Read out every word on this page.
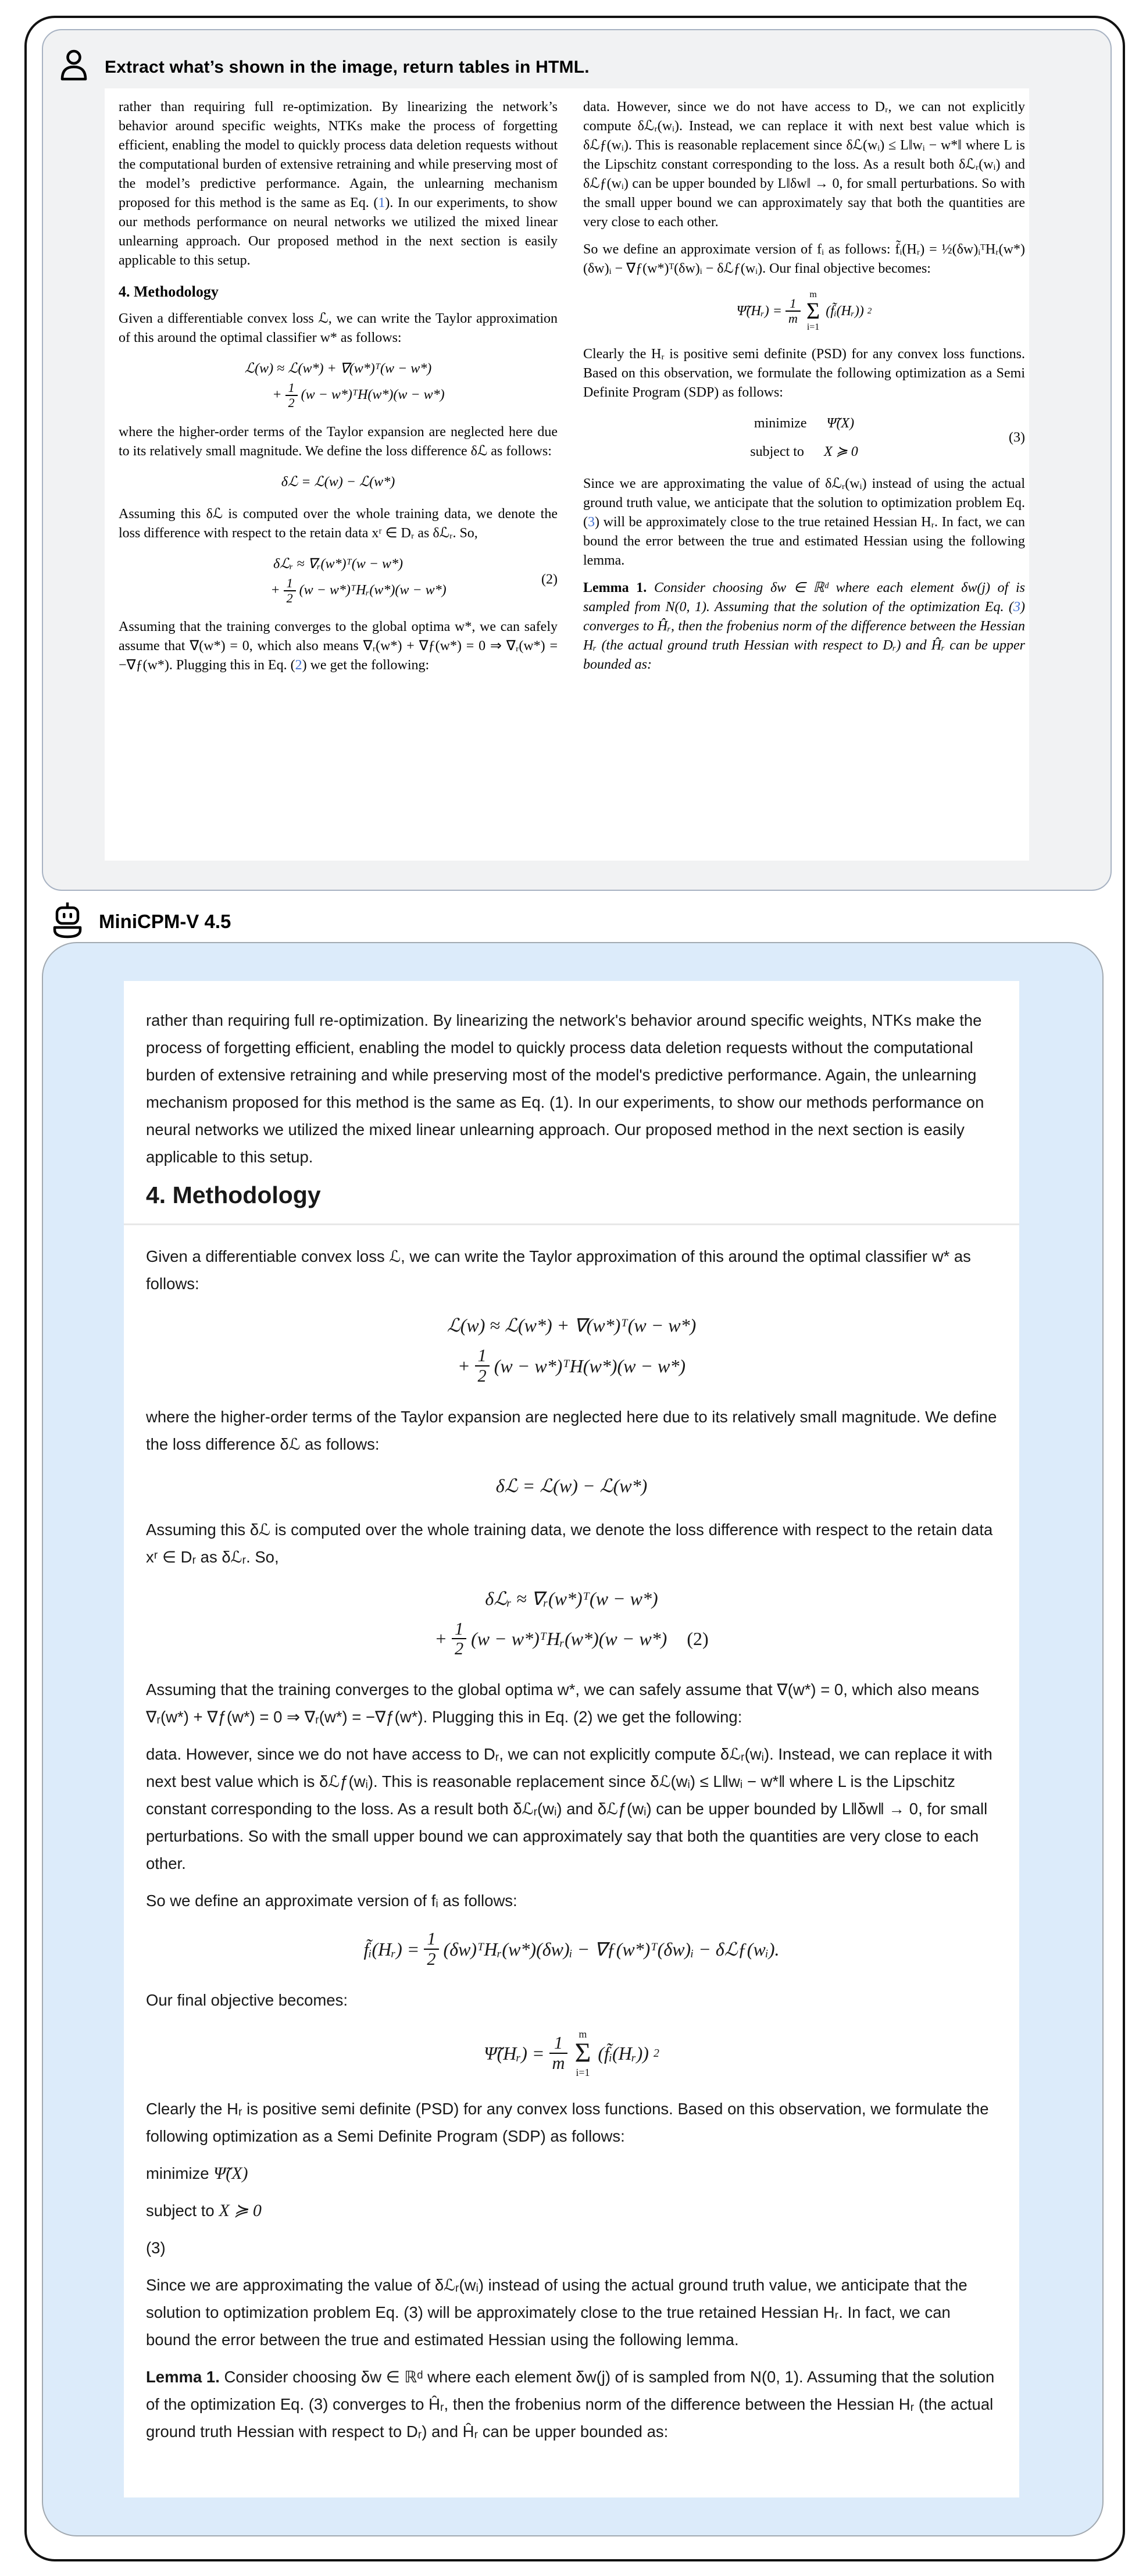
Extract what’s shown in the image, return tables in HTML.

rather than requiring full re-optimization. By linearizing the network’s behavior around specific weights, NTKs make the process of forgetting efficient, enabling the model to quickly process data deletion requests without the computational burden of extensive retraining and while preserving most of the model’s predictive performance. Again, the unlearning mechanism proposed for this method is the same as Eq. (1). In our experiments, to show our methods performance on neural networks we utilized the mixed linear unlearning approach. Our proposed method in the next section is easily applicable to this setup.

4. Methodology

Given a differentiable convex loss ℒ, we can write the Taylor approximation of this around the optimal classifier w* as follows:

ℒ(w) ≈ ℒ(w*) + ∇(w*)ᵀ(w − w*)
+ $\frac{1}{2} (w$ − w*)ᵀH(w*)(w − w*)

where the higher-order terms of the Taylor expansion are neglected here due to its relatively small magnitude. We define the loss difference δℒ as follows:

δℒ = ℒ(w) − ℒ(w*)

Assuming this δℒ is computed over the whole training data, we denote the loss difference with respect to the retain data xʳ ∈ Dᵣ as δℒᵣ. So,

δℒᵣ ≈ ∇ᵣ(w*)ᵀ(w − w*)
+ $\frac{1}{2} (w$ − w*)ᵀHᵣ(w*)(w − w*)
(2)

Assuming that the training converges to the global optima w*, we can safely assume that ∇(w*) = 0, which also means ∇ᵣ(w*) + ∇ƒ(w*) = 0 ⇒ ∇ᵣ(w*) = −∇ƒ(w*). Plugging this in Eq. (2) we get the following:

data. However, since we do not have access to Dᵣ, we can not explicitly compute δℒᵣ(wᵢ). Instead, we can replace it with next best value which is δℒƒ(wᵢ). This is reasonable replacement since δℒ(wᵢ) ≤ L‖wᵢ − w*‖ where L is the Lipschitz constant corresponding to the loss. As a result both δℒᵣ(wᵢ) and δℒƒ(wᵢ) can be upper bounded by L‖δw‖ → 0, for small perturbations. So with the small upper bound we can approximately say that both the quantities are very close to each other.

So we define an approximate version of fᵢ as follows: f̃ᵢ(Hᵣ) = ½(δw)ᵢᵀHᵣ(w*)(δw)ᵢ − ∇ƒ(w*)ᵀ(δw)ᵢ − δℒƒ(wᵢ). Our final objective becomes:

Ψ̃(Hᵣ) = $\frac{1}{m}$
m
Σ
i=1
(f̃ᵢ(Hᵣ)) 2

Clearly the Hᵣ is positive semi definite (PSD) for any convex loss functions. Based on this observation, we formulate the following optimization as a Semi Definite Program (SDP) as follows:

minimize Ψ̃(X)
subject to X ≽ 0
(3)

Since we are approximating the value of δℒᵣ(wᵢ) instead of using the actual ground truth value, we anticipate that the solution to optimization problem Eq. (3) will be approximately close to the true retained Hessian Hᵣ. In fact, we can bound the error between the true and estimated Hessian using the following lemma.

Lemma 1. Consider choosing δw ∈ ℝᵈ where each element δw(j) of is sampled from N(0, 1). Assuming that the solution of the optimization Eq. (3) converges to Ĥᵣ, then the frobenius norm of the difference between the Hessian Hᵣ (the actual ground truth Hessian with respect to Dᵣ) and Ĥᵣ can be upper bounded as:

MiniCPM-V 4.5

rather than requiring full re-optimization. By linearizing the network's behavior around specific weights, NTKs make the process of forgetting efficient, enabling the model to quickly process data deletion requests without the computational burden of extensive retraining and while preserving most of the model's predictive performance. Again, the unlearning mechanism proposed for this method is the same as Eq. (1). In our experiments, to show our methods performance on neural networks we utilized the mixed linear unlearning approach. Our proposed method in the next section is easily applicable to this setup.

4. Methodology

Given a differentiable convex loss ℒ, we can write the Taylor approximation of this around the optimal classifier w* as follows:

ℒ(w) ≈ ℒ(w*) + ∇(w*)ᵀ(w − w*)
+ $\frac{1}{2} (w$ − w*)ᵀH(w*)(w − w*)

where the higher-order terms of the Taylor expansion are neglected here due to its relatively small magnitude. We define the loss difference δℒ as follows:

δℒ = ℒ(w) − ℒ(w*)

Assuming this δℒ is computed over the whole training data, we denote the loss difference with respect to the retain data xʳ ∈ Dᵣ as δℒᵣ. So,

δℒᵣ ≈ ∇ᵣ(w*)ᵀ(w − w*)
+ $\frac{1}{2} (w$ − w*)ᵀHᵣ(w*)(w − w*) (2)

Assuming that the training converges to the global optima w*, we can safely assume that ∇(w*) = 0, which also means ∇ᵣ(w*) + ∇ƒ(w*) = 0 ⇒ ∇ᵣ(w*) = −∇ƒ(w*). Plugging this in Eq. (2) we get the following:

data. However, since we do not have access to Dᵣ, we can not explicitly compute δℒᵣ(wᵢ). Instead, we can replace it with next best value which is δℒƒ(wᵢ). This is reasonable replacement since δℒ(wᵢ) ≤ L‖wᵢ − w*‖ where L is the Lipschitz constant corresponding to the loss. As a result both δℒᵣ(wᵢ) and δℒƒ(wᵢ) can be upper bounded by L‖δw‖ → 0, for small perturbations. So with the small upper bound we can approximately say that both the quantities are very close to each other.

So we define an approximate version of fᵢ as follows:

f̃ᵢ(Hᵣ) = $\frac{1}{2}$ (δw)ᵀHᵣ(w*)(δw)ᵢ − ∇ƒ(w*)ᵀ(δw)ᵢ − δℒƒ(wᵢ).

Our final objective becomes:

Ψ̃(Hᵣ) = $\frac{1}{m}$ m
Σ
i=1
(f̃ᵢ(Hᵣ)) 2

Clearly the Hᵣ is positive semi definite (PSD) for any convex loss functions. Based on this observation, we formulate the following optimization as a Semi Definite Program (SDP) as follows:

minimize Ψ̃(X)

subject to X ≽ 0

(3)

Since we are approximating the value of δℒᵣ(wᵢ) instead of using the actual ground truth value, we anticipate that the solution to optimization problem Eq. (3) will be approximately close to the true retained Hessian Hᵣ. In fact, we can bound the error between the true and estimated Hessian using the following lemma.

Lemma 1. Consider choosing δw ∈ ℝᵈ where each element δw(j) of is sampled from N(0, 1). Assuming that the solution of the optimization Eq. (3) converges to Ĥᵣ, then the frobenius norm of the difference between the Hessian Hᵣ (the actual ground truth Hessian with respect to Dᵣ) and Ĥᵣ can be upper bounded as:
